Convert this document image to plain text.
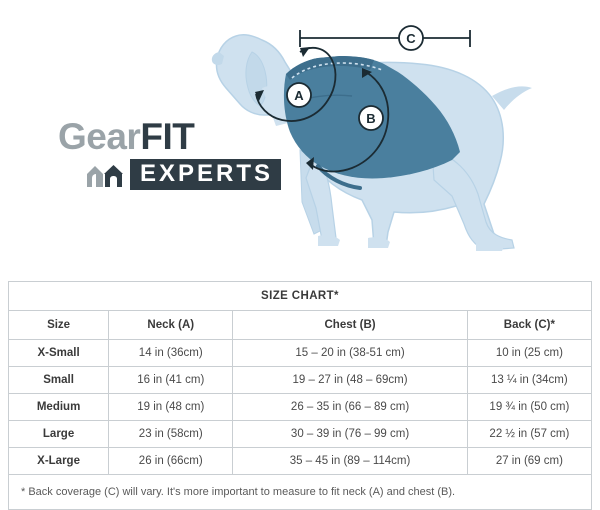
A
B
C
GearFIT
EXPERTS
SIZE CHART*			
Size	Neck (A)	Chest (B)	Back (C)*
X-Small	14 in (36cm)	15 – 20 in (38-51 cm)	10 in (25 cm)
Small	16 in (41 cm)	19 – 27 in (48 – 69cm)	13 ¼ in (34cm)
Medium	19 in (48 cm)	26 – 35 in (66 – 89 cm)	19 ¾ in (50 cm)
Large	23 in (58cm)	30 – 39 in (76 – 99 cm)	22 ½ in (57 cm)
X-Large	26 in (66cm)	35 – 45 in (89 – 114cm)	27 in (69 cm)
* Back coverage (C) will vary. It's more important to measure to fit neck (A) and chest (B).			
